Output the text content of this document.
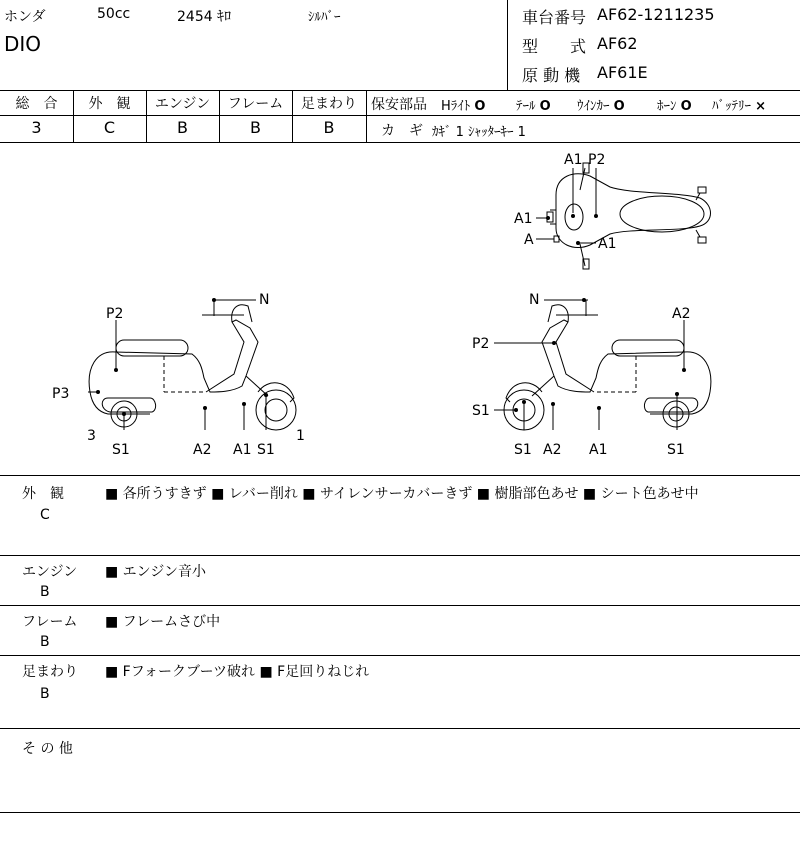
ホンダ	50cc	2454 ｷﾛ	ｼﾙﾊﾞｰ
DIO
車台番号 AF62-1211235
型　　式 AF62
原 動 機 AF61E
総　合	外　観	エンジン	フレーム	足まわり
3	C	B	B	B
保安部品 Hﾗｲﾄ O ﾃｰﾙ O ｳｲﾝｶｰ O ﾎｰﾝ O ﾊﾞｯﾃﾘｰ ×
カ　ギ ｶｷﾞ 1 ｼｬｯﾀｰｷｰ 1
A1 P2
A1
A	A1
N
P2
P3
3
S1	A2 A1 S1
1
N
A2
P2
S1
S1 A2 A1	S1
外　観
C
■ 各所うすきず ■ レバー削れ ■ サイレンサーカバーきず ■ 樹脂部色あせ ■ シート色あせ中
エンジン
B
■ エンジン音小
フレーム
B
■ フレームさび中
足まわり
B
■ Fフォークブーツ破れ ■ F足回りねじれ
そ の 他
